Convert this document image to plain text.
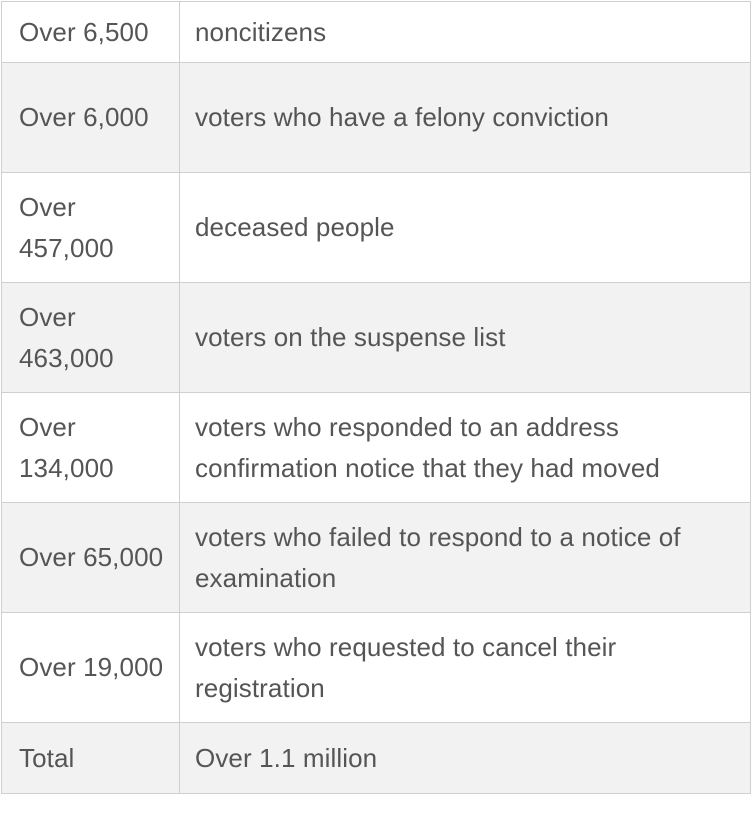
Over 6,500	noncitizens
Over 6,000	voters who have a felony conviction
Over 457,000	deceased people
Over 463,000	voters on the suspense list
Over 134,000	voters who responded to an address confirmation notice that they had moved
Over 65,000	voters who failed to respond to a notice of examination
Over 19,000	voters who requested to cancel their registration
Total	Over 1.1 million
